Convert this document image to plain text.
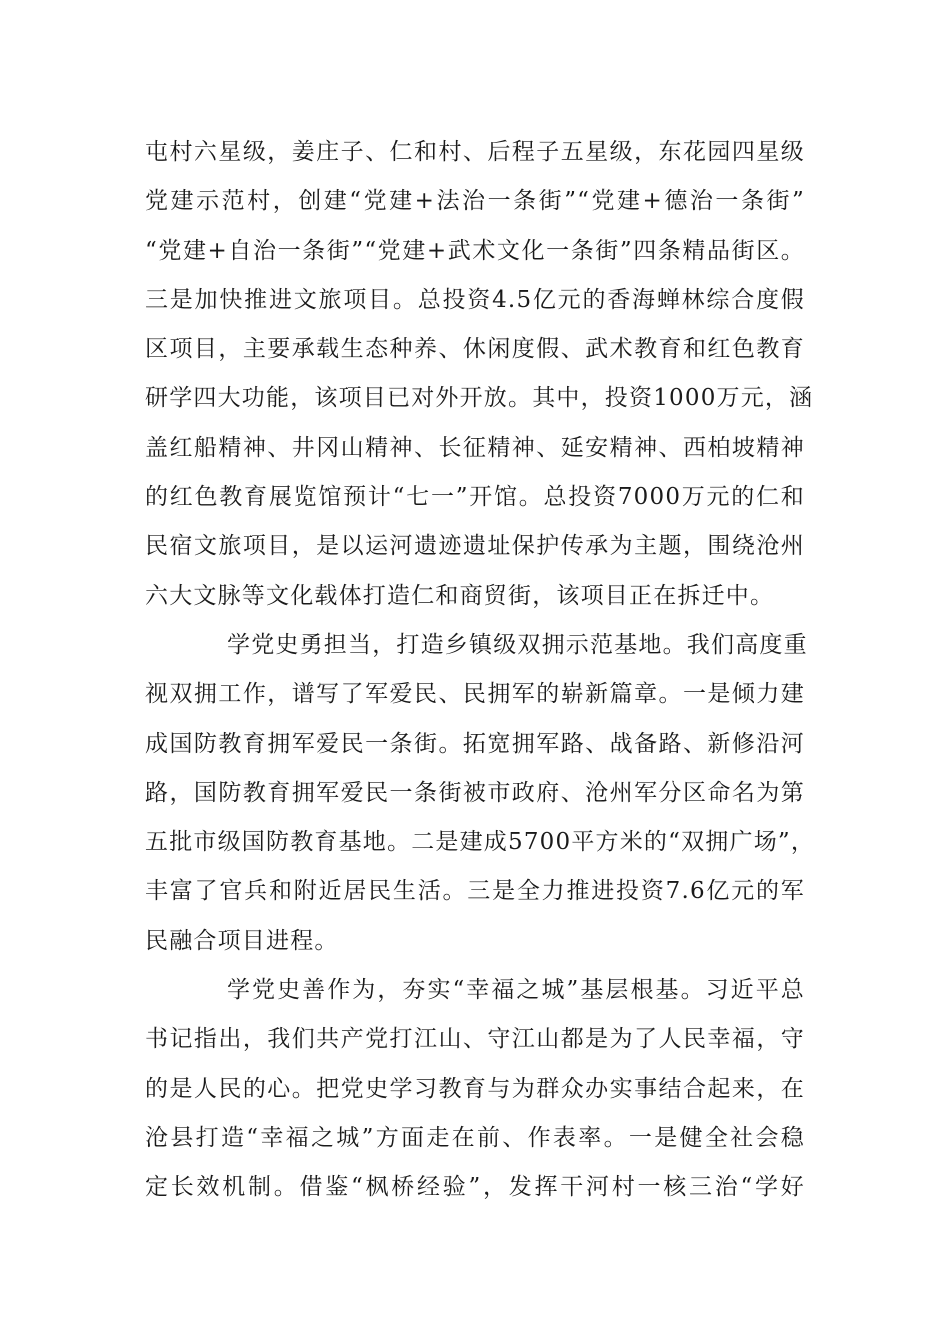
屯村六星级，姜庄子、仁和村、后程子五星级，东花园四星级
党建示范村，创建“党建+法治一条街”“党建+德治一条街”
“党建+自治一条街”“党建+武术文化一条街”四条精品街区。
三是加快推进文旅项目。总投资4.5亿元的香海蝉林综合度假
区项目，主要承载生态种养、休闲度假、武术教育和红色教育
研学四大功能，该项目已对外开放。其中，投资1000万元，涵
盖红船精神、井冈山精神、长征精神、延安精神、西柏坡精神
的红色教育展览馆预计“七一”开馆。总投资7000万元的仁和
民宿文旅项目，是以运河遗迹遗址保护传承为主题，围绕沧州
六大文脉等文化载体打造仁和商贸街，该项目正在拆迁中。
学党史勇担当，打造乡镇级双拥示范基地。我们高度重
视双拥工作，谱写了军爱民、民拥军的崭新篇章。一是倾力建
成国防教育拥军爱民一条街。拓宽拥军路、战备路、新修沿河
路，国防教育拥军爱民一条街被市政府、沧州军分区命名为第
五批市级国防教育基地。二是建成5700平方米的“双拥广场”，
丰富了官兵和附近居民生活。三是全力推进投资7.6亿元的军
民融合项目进程。
学党史善作为，夯实“幸福之城”基层根基。习近平总
书记指出，我们共产党打江山、守江山都是为了人民幸福，守
的是人民的心。把党史学习教育与为群众办实事结合起来，在
沧县打造“幸福之城”方面走在前、作表率。一是健全社会稳
定长效机制。借鉴“枫桥经验”，发挥干河村一核三治“学好
